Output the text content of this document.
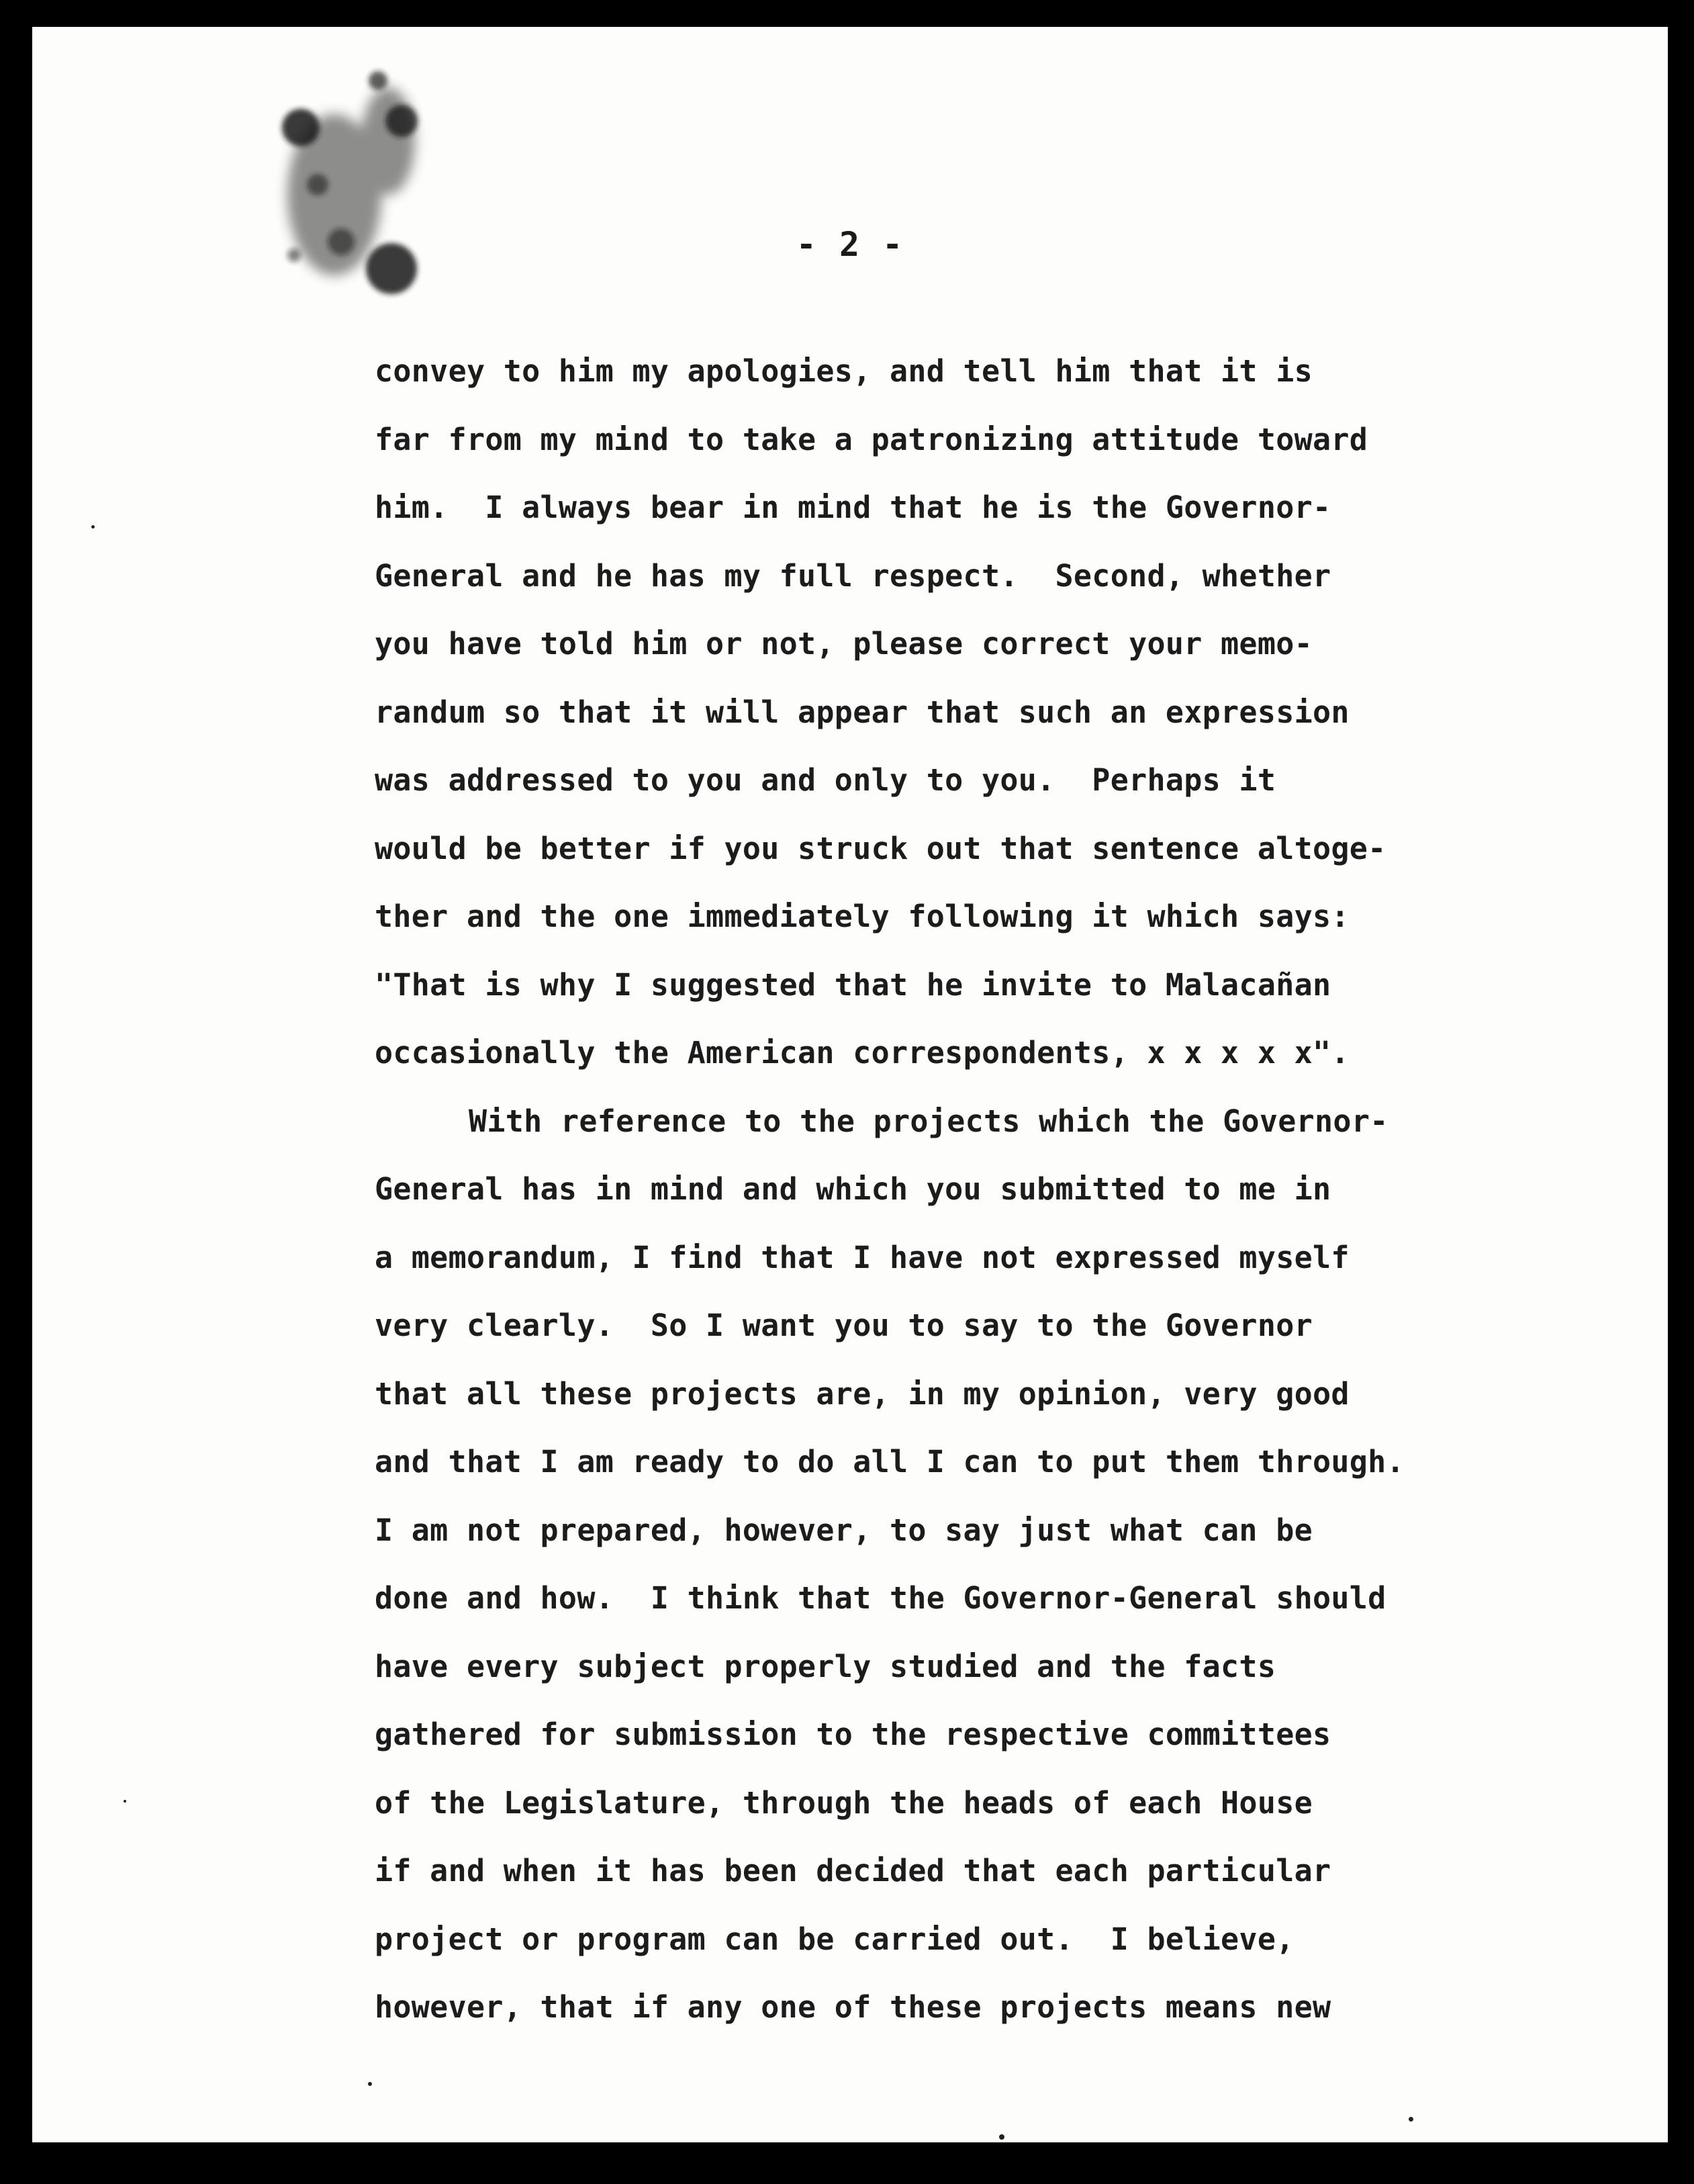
- 2 -
convey to him my apologies, and tell him that it is
far from my mind to take a patronizing attitude toward
him.  I always bear in mind that he is the Governor-
General and he has my full respect.  Second, whether
you have told him or not, please correct your memo-
randum so that it will appear that such an expression
was addressed to you and only to you.  Perhaps it
would be better if you struck out that sentence altoge-
ther and the one immediately following it which says:
"That is why I suggested that he invite to Malacañan
occasionally the American correspondents, x x x x x".
With reference to the projects which the Governor-
General has in mind and which you submitted to me in
a memorandum, I find that I have not expressed myself
very clearly.  So I want you to say to the Governor
that all these projects are, in my opinion, very good
and that I am ready to do all I can to put them through.
I am not prepared, however, to say just what can be
done and how.  I think that the Governor-General should
have every subject properly studied and the facts
gathered for submission to the respective committees
of the Legislature, through the heads of each House
if and when it has been decided that each particular
project or program can be carried out.  I believe,
however, that if any one of these projects means new
